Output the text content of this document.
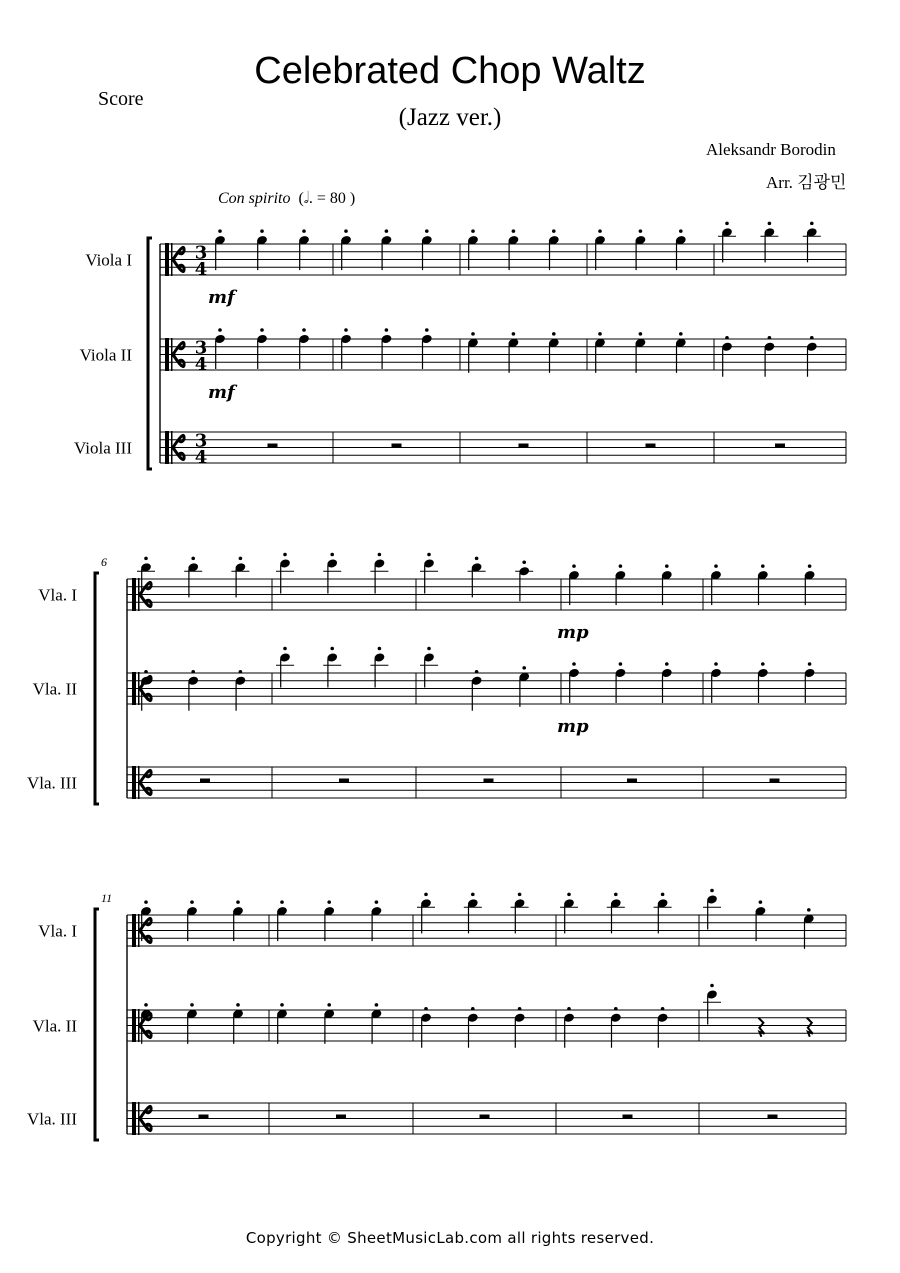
Celebrated Chop Waltz
(Jazz ver.)
Score
Aleksandr Borodin
Arr. 김광민
Con spirito  (𝅗𝅥. = 80 )
Viola I	3
4
mf
Viola II	3
4
mf
Viola III	3
4
6
Vla. I
mp
Vla. II
mp
Vla. III
11
Vla. I
Vla. II
Vla. III
Copyright © SheetMusicLab.com all rights reserved.
